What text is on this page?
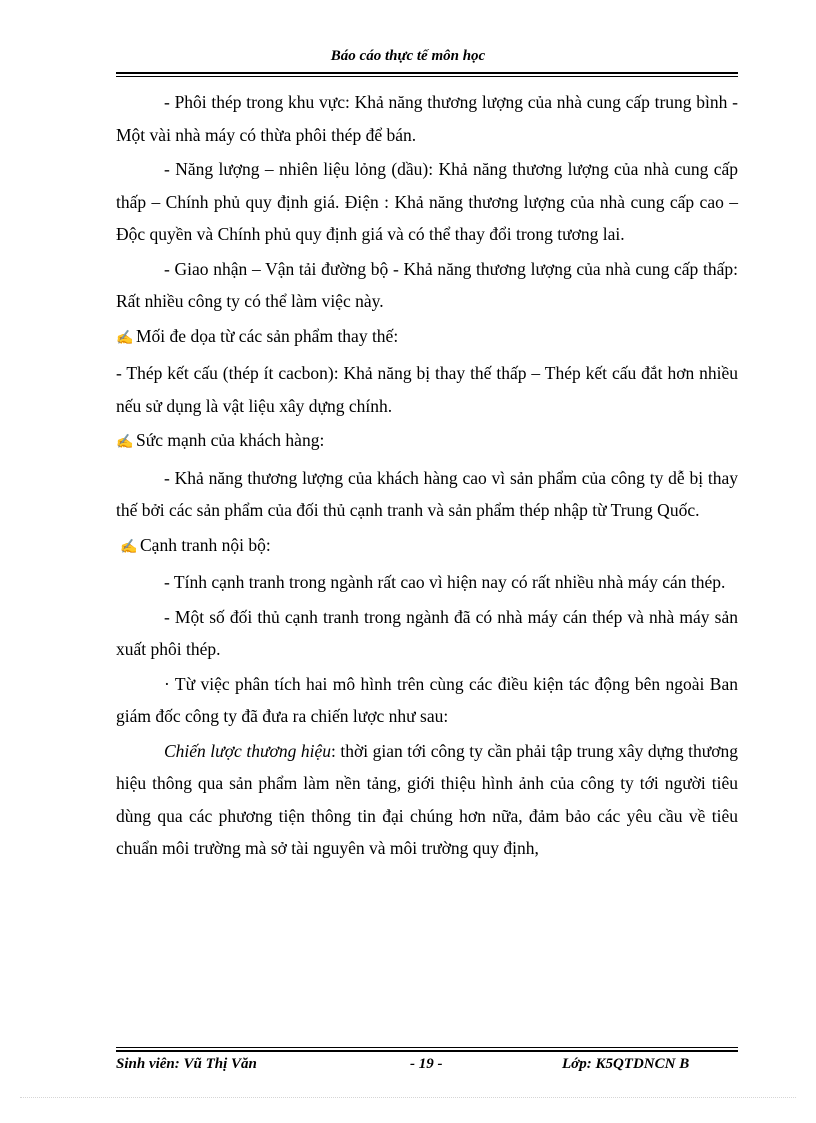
Báo cáo thực tế môn học

- Phôi thép trong khu vực: Khả năng thương lượng của nhà cung cấp trung bình - Một vài nhà máy có thừa phôi thép để bán.

- Năng lượng – nhiên liệu lỏng (dầu): Khả năng thương lượng của nhà cung cấp thấp – Chính phủ quy định giá. Điện : Khả năng thương lượng của nhà cung cấp cao – Độc quyền và Chính phủ quy định giá và có thể thay đổi trong tương lai.

- Giao nhận – Vận tải đường bộ - Khả năng thương lượng của nhà cung cấp thấp: Rất nhiều công ty có thể làm việc này.

✍ Mối đe dọa từ các sản phẩm thay thế:

- Thép kết cấu (thép ít cacbon): Khả năng bị thay thế thấp – Thép kết cấu đắt hơn nhiều nếu sử dụng là vật liệu xây dựng chính.

✍ Sức mạnh của khách hàng:

- Khả năng thương lượng của khách hàng cao vì sản phẩm của công ty dễ bị thay thế bởi các sản phẩm của đối thủ cạnh tranh và sản phẩm thép nhập từ Trung Quốc.

✍ Cạnh tranh nội bộ:

- Tính cạnh tranh trong ngành rất cao vì hiện nay có rất nhiều nhà máy cán thép.

- Một số đối thủ cạnh tranh trong ngành đã có nhà máy cán thép và nhà máy sản xuất phôi thép.

· Từ việc phân tích hai mô hình trên cùng các điều kiện tác động bên ngoài Ban giám đốc công ty đã đưa ra chiến lược như sau:

Chiến lược thương hiệu: thời gian tới công ty cần phải tập trung xây dựng thương hiệu thông qua sản phẩm làm nền tảng, giới thiệu hình ảnh của công ty tới người tiêu dùng qua các phương tiện thông tin đại chúng hơn nữa, đảm bảo các yêu cầu về tiêu chuẩn môi trường mà sở tài nguyên và môi trường quy định,

Sinh viên: Vũ Thị Văn	- 19 -	Lớp: K5QTDNCN B
